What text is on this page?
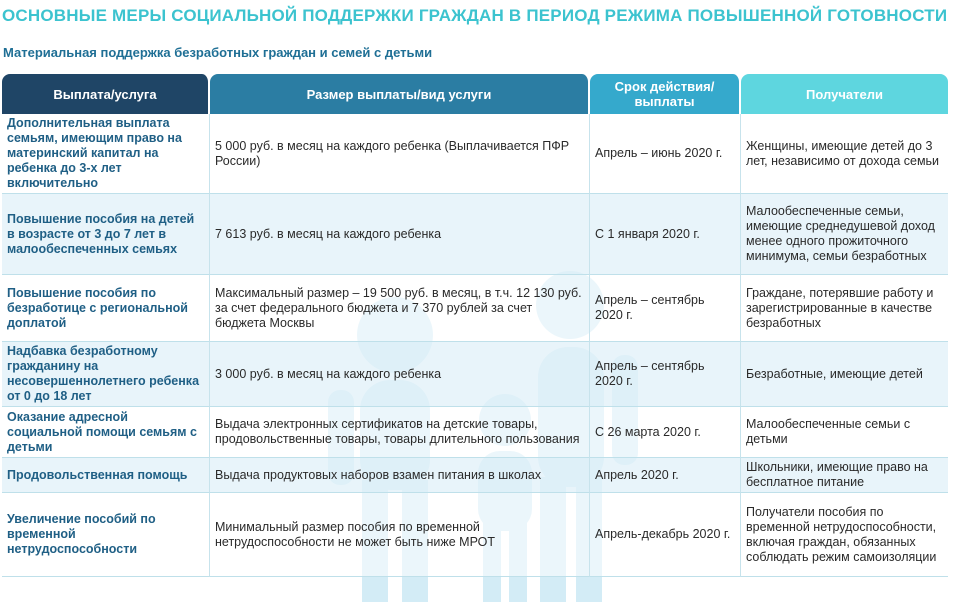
ОСНОВНЫЕ МЕРЫ СОЦИАЛЬНОЙ ПОДДЕРЖКИ ГРАЖДАН В ПЕРИОД РЕЖИМА ПОВЫШЕННОЙ ГОТОВНОСТИ
Материальная поддержка безработных граждан и семей с детьми
Выплата/услуга	Размер выплаты/вид услуги	Срок действия/выплаты	Получатели
Дополнительная выплата семьям, имеющим право на материнский капитал на ребенка до 3-х лет включительно	5 000 руб. в месяц на каждого ребенка (Выплачивается ПФР России)	Апрель – июнь 2020 г.	Женщины, имеющие детей до 3 лет, независимо от дохода семьи
Повышение пособия на детей в возрасте от 3 до 7 лет в малообеспеченных семьях	7 613 руб. в месяц на каждого ребенка	С 1 января 2020 г.	Малообеспеченные семьи, имеющие среднедушевой доход менее одного прожиточного минимума, семьи безработных
Повышение пособия по безработице с региональной доплатой	Максимальный размер – 19 500 руб. в месяц, в т.ч. 12 130 руб. за счет федерального бюджета и 7 370 рублей за счет бюджета Москвы	Апрель – сентябрь 2020 г.	Граждане, потерявшие работу и зарегистрированные в качестве безработных
Надбавка безработному гражданину на несовершеннолетнего ребенка от 0 до 18 лет	3 000 руб. в месяц на каждого ребенка	Апрель – сентябрь 2020 г.	Безработные, имеющие детей
Оказание адресной социальной помощи семьям с детьми	Выдача электронных сертификатов на детские товары, продовольственные товары, товары длительного пользования	С 26 марта 2020 г.	Малообеспеченные семьи с детьми
Продовольственная помощь	Выдача продуктовых наборов взамен питания в школах	Апрель 2020 г.	Школьники, имеющие право на бесплатное питание
Увеличение пособий по временной нетрудоспособности	Минимальный размер пособия по временной нетрудоспособности не может быть ниже МРОТ	Апрель-декабрь 2020 г.	Получатели пособия по временной нетрудоспособности, включая граждан, обязанных соблюдать режим самоизоляции
